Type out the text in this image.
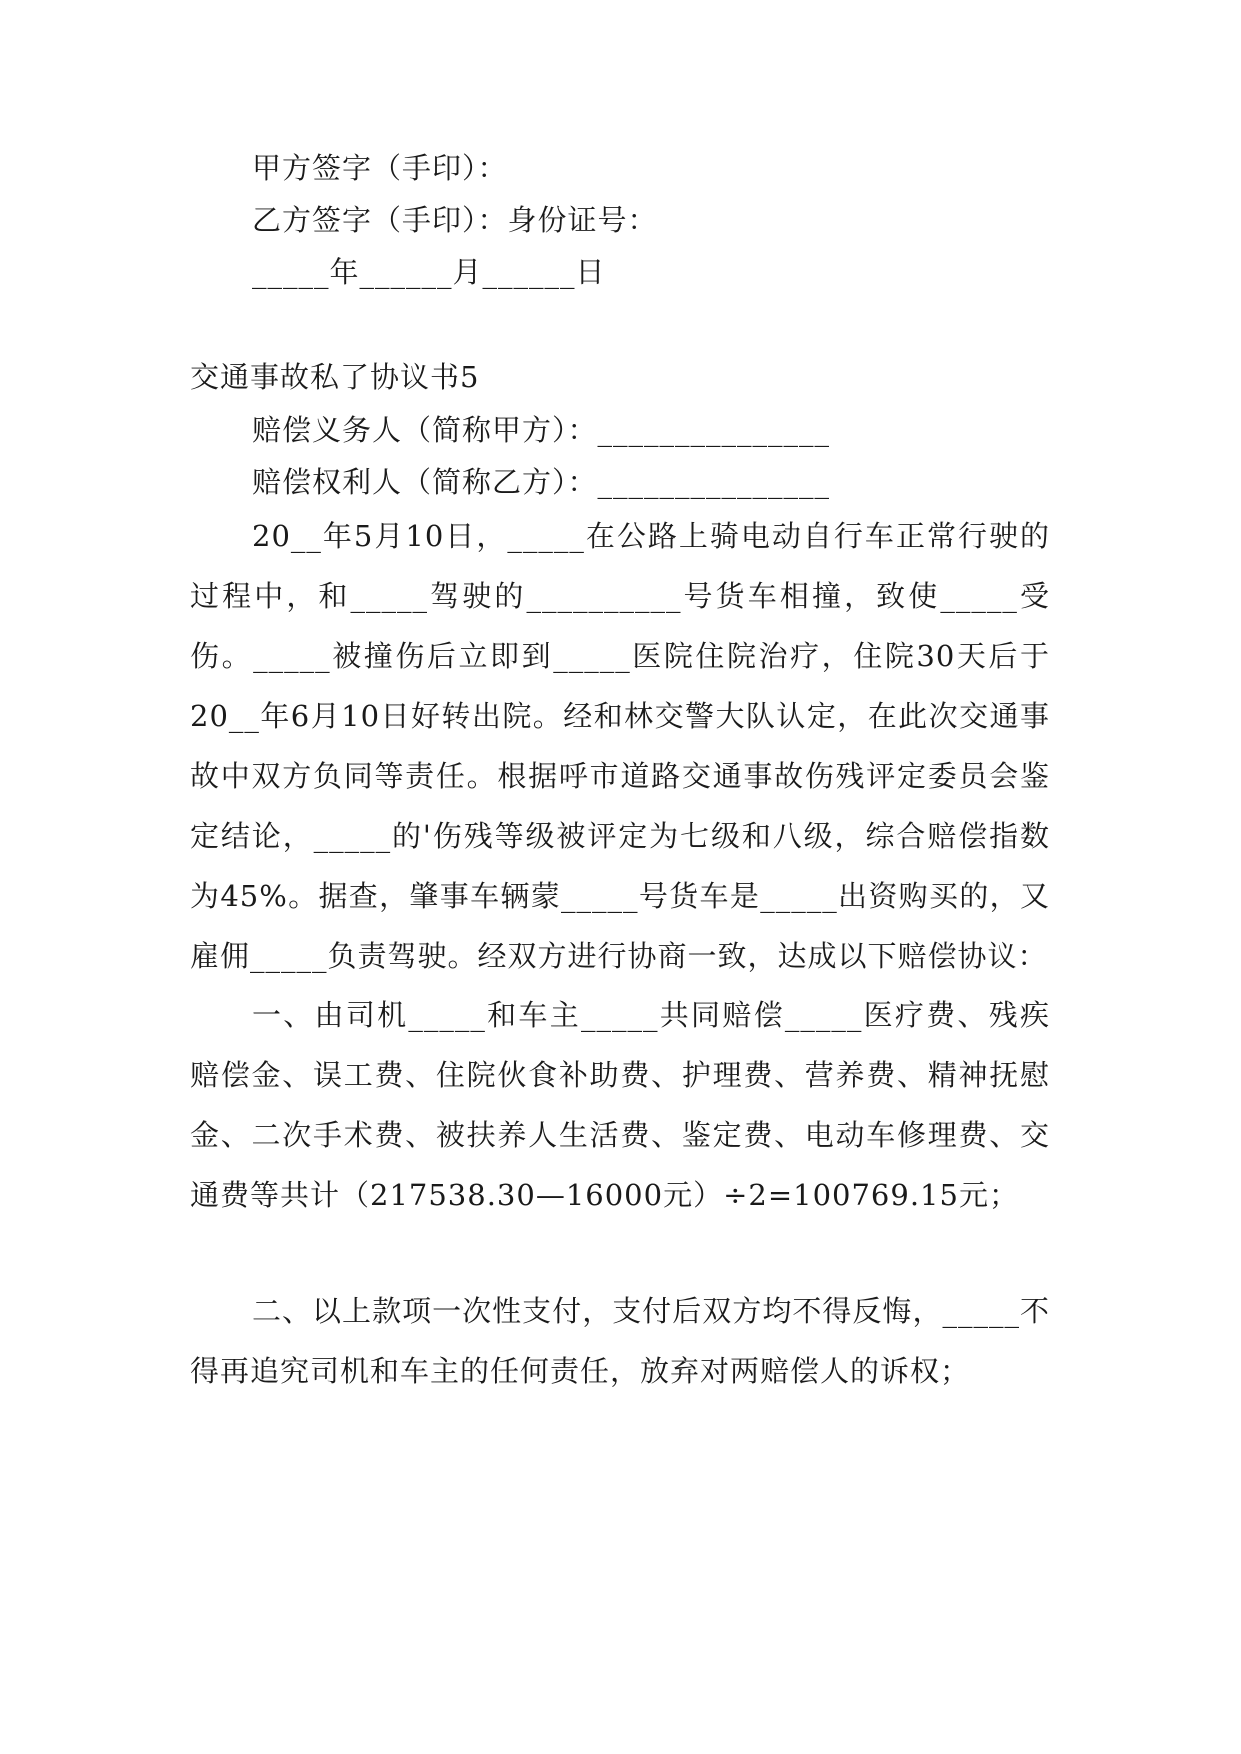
甲方签字（手印）：
乙方签字（手印）：身份证号：
_____年______月______日
交通事故私了协议书5
赔偿义务人（简称甲方）：_______________
赔偿权利人（简称乙方）：_______________
20__年5月10日，_____在公路上骑电动自行车正常行驶的过程中，和_____驾驶的__________号货车相撞，致使_____受伤。_____被撞伤后立即到_____医院住院治疗，住院30天后于20__年6月10日好转出院。经和林交警大队认定，在此次交通事故中双方负同等责任。根据呼市道路交通事故伤残评定委员会鉴定结论，_____的'伤残等级被评定为七级和八级，综合赔偿指数为45%。据查，肇事车辆蒙_____号货车是_____出资购买的，又雇佣_____负责驾驶。经双方进行协商一致，达成以下赔偿协议：
一、由司机_____和车主_____共同赔偿_____医疗费、残疾赔偿金、误工费、住院伙食补助费、护理费、营养费、精神抚慰金、二次手术费、被扶养人生活费、鉴定费、电动车修理费、交通费等共计（217538.30—16000元）÷2=100769.15元；
二、以上款项一次性支付，支付后双方均不得反悔，_____不得再追究司机和车主的任何责任，放弃对两赔偿人的诉权；
